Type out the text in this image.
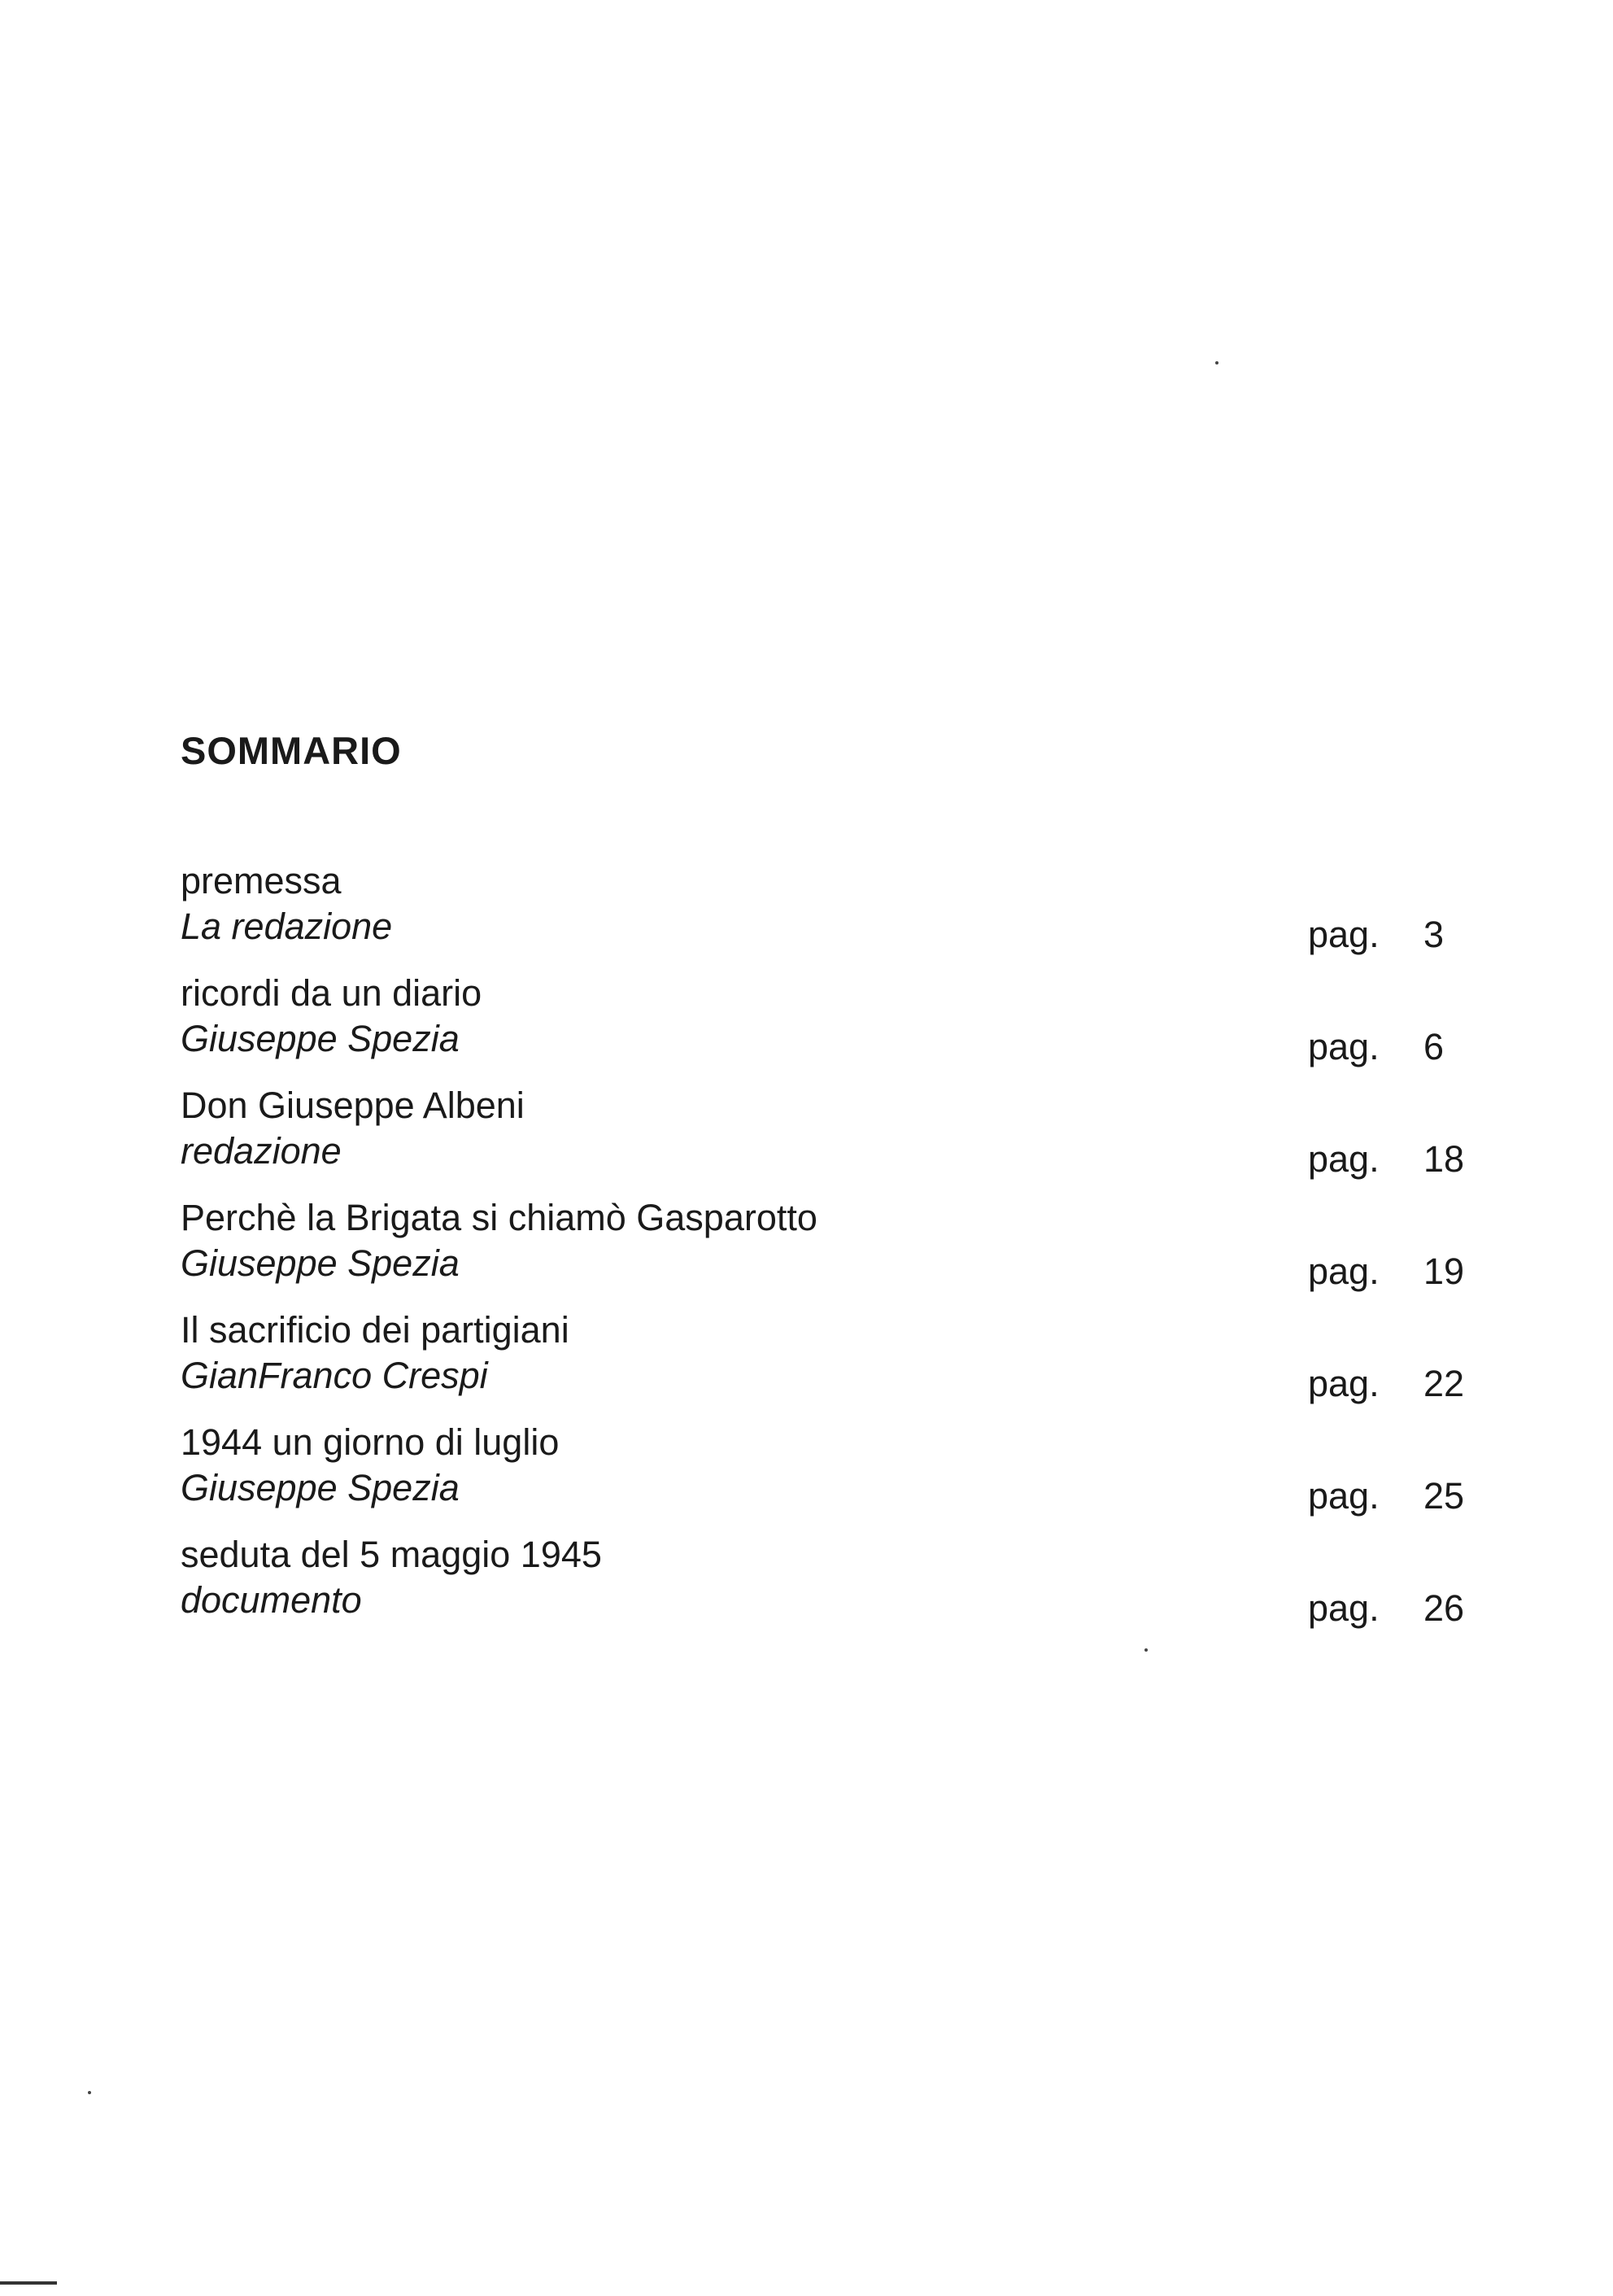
SOMMARIO
premessa
La redazione	pag. 3
ricordi da un diario
Giuseppe Spezia	pag. 6
Don Giuseppe Albeni
redazione	pag. 18
Perchè la Brigata si chiamò Gasparotto
Giuseppe Spezia	pag. 19
Il sacrificio dei partigiani
GianFranco Crespi	pag. 22
1944 un giorno di luglio
Giuseppe Spezia	pag. 25
seduta del 5 maggio 1945
documento	pag. 26
